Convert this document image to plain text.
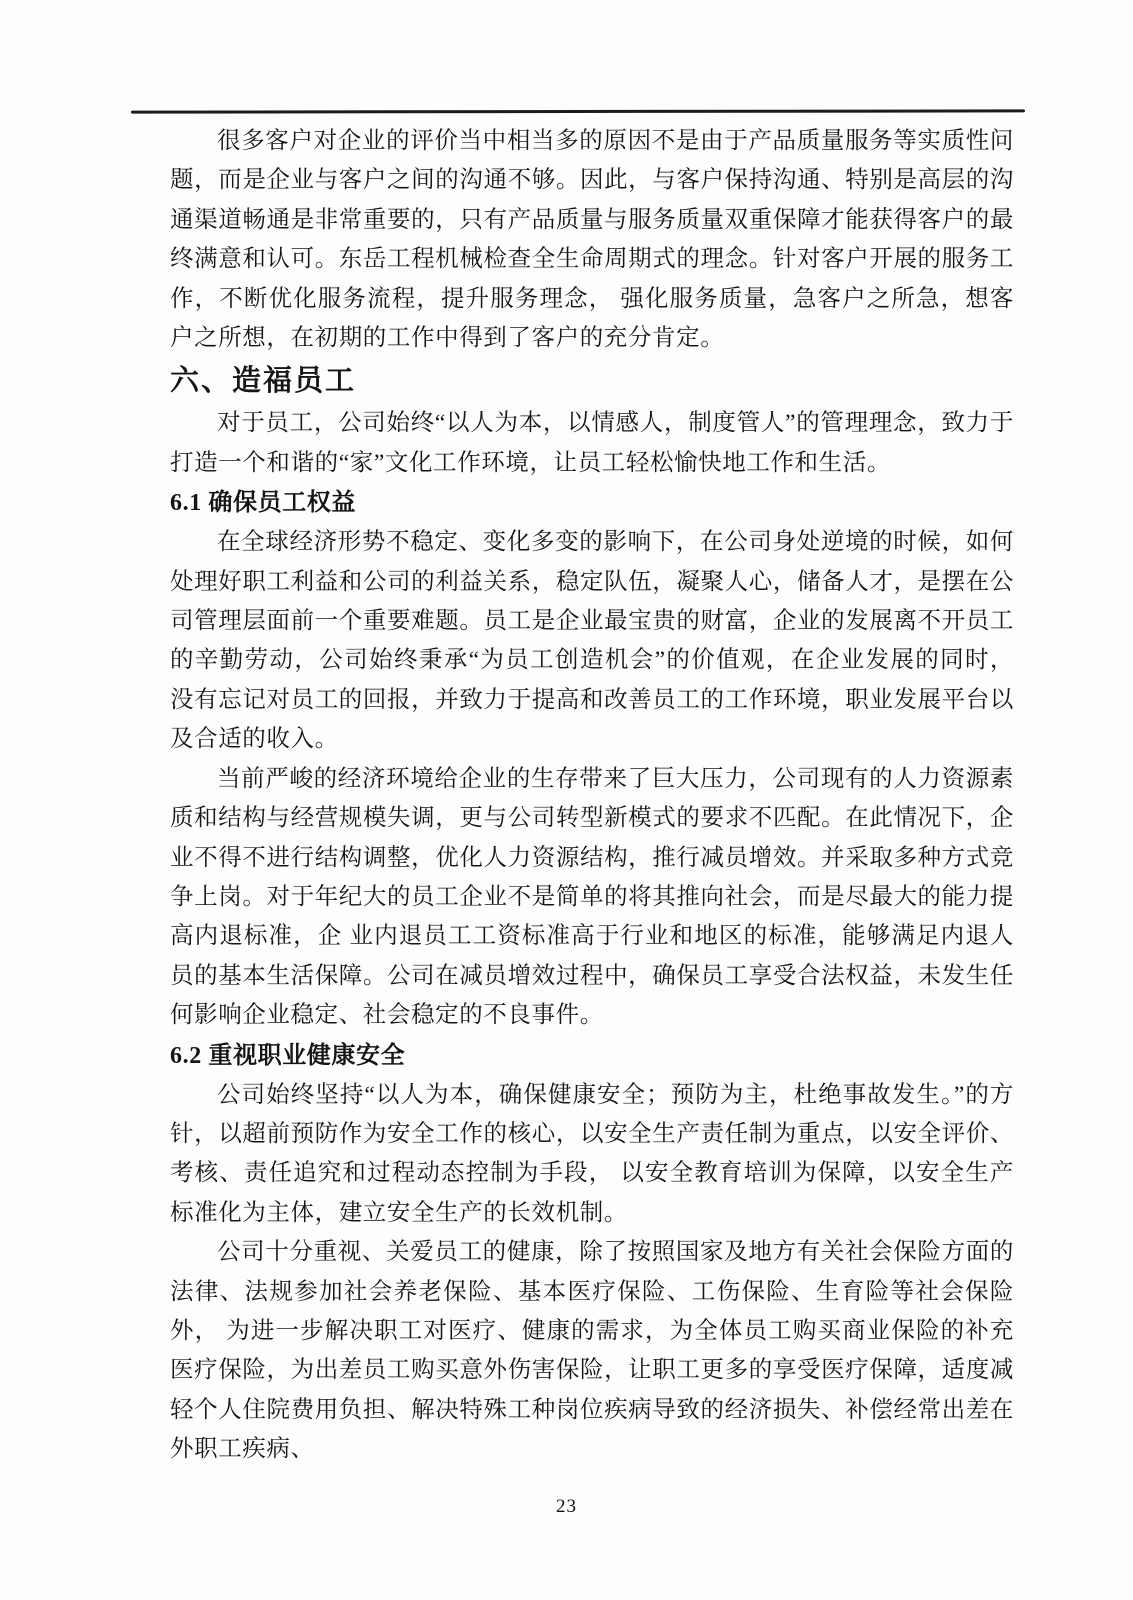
很多客户对企业的评价当中相当多的原因不是由于产品质量服务等实质性问题，而是企业与客户之间的沟通不够。因此，与客户保持沟通、特别是高层的沟通渠道畅通是非常重要的，只有产品质量与服务质量双重保障才能获得客户的最终满意和认可。东岳工程机械检查全生命周期式的理念。针对客户开展的服务工作，不断优化服务流程，提升服务理念， 强化服务质量，急客户之所急，想客户之所想，在初期的工作中得到了客户的充分肯定。

六、造福员工

对于员工，公司始终“以人为本，以情感人，制度管人”的管理理念，致力于打造一个和谐的“家”文化工作环境，让员工轻松愉快地工作和生活。

6.1 确保员工权益

在全球经济形势不稳定、变化多变的影响下，在公司身处逆境的时候，如何处理好职工利益和公司的利益关系，稳定队伍，凝聚人心，储备人才，是摆在公司管理层面前一个重要难题。员工是企业最宝贵的财富，企业的发展离不开员工的辛勤劳动，公司始终秉承“为员工创造机会”的价值观，在企业发展的同时， 没有忘记对员工的回报，并致力于提高和改善员工的工作环境，职业发展平台以及合适的收入。

当前严峻的经济环境给企业的生存带来了巨大压力，公司现有的人力资源素质和结构与经营规模失调，更与公司转型新模式的要求不匹配。在此情况下，企业不得不进行结构调整，优化人力资源结构，推行减员增效。并采取多种方式竞争上岗。对于年纪大的员工企业不是简单的将其推向社会，而是尽最大的能力提高内退标准，企 业内退员工工资标准高于行业和地区的标准，能够满足内退人员的基本生活保障。公司在减员增效过程中，确保员工享受合法权益，未发生任何影响企业稳定、社会稳定的不良事件。

6.2 重视职业健康安全

公司始终坚持“以人为本，确保健康安全；预防为主，杜绝事故发生。”的方针，以超前预防作为安全工作的核心，以安全生产责任制为重点，以安全评价、考核、责任追究和过程动态控制为手段， 以安全教育培训为保障，以安全生产标准化为主体，建立安全生产的长效机制。

公司十分重视、关爱员工的健康，除了按照国家及地方有关社会保险方面的法律、法规参加社会养老保险、基本医疗保险、工伤保险、生育险等社会保险外， 为进一步解决职工对医疗、健康的需求，为全体员工购买商业保险的补充医疗保险，为出差员工购买意外伤害保险，让职工更多的享受医疗保障，适度减轻个人住院费用负担、解决特殊工种岗位疾病导致的经济损失、补偿经常出差在外职工疾病、

23
